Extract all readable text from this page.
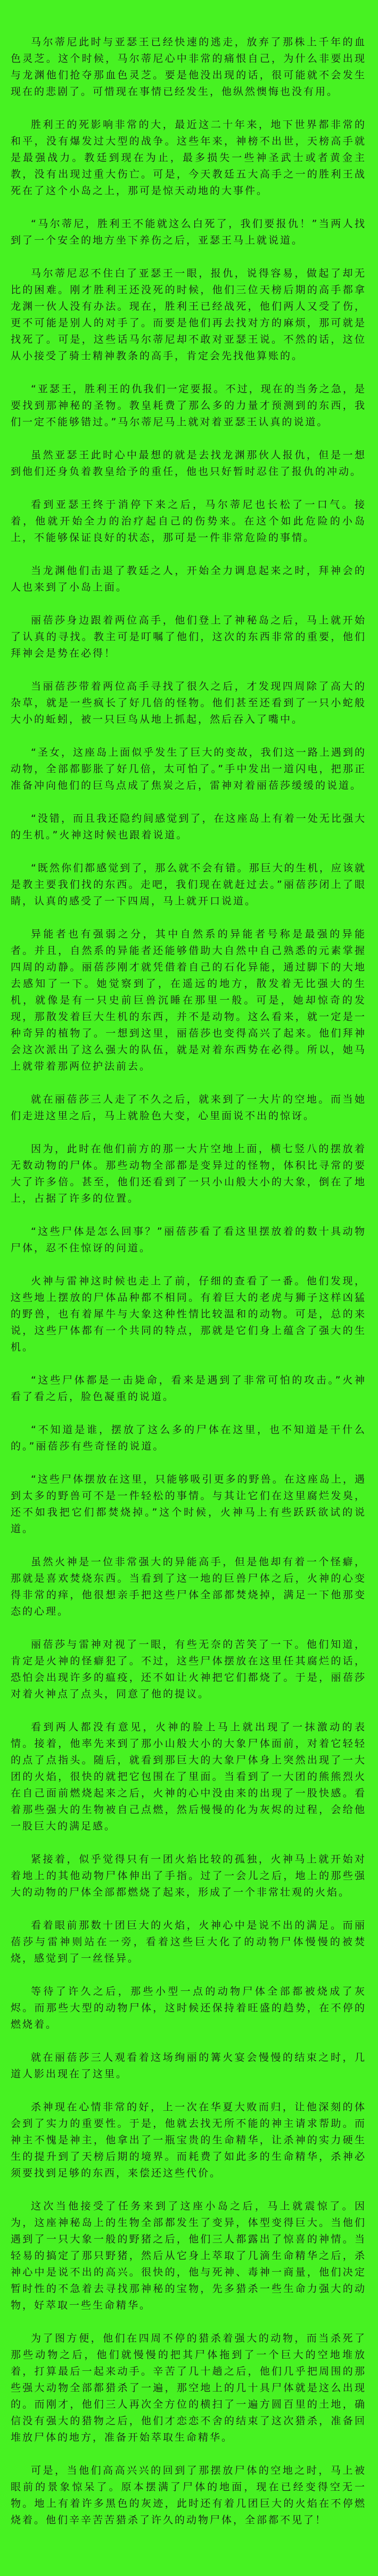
马尔蒂尼此时与亚瑟王已经快速的逃走，放弃了那株上千年的血色灵芝。这个时候，马尔蒂尼心中非常的痛恨自己，为什么非要出现与龙渊他们抢夺那血色灵芝。要是他没出现的话，很可能就不会发生现在的悲剧了。可惜现在事情已经发生，他纵然懊悔也没有用。

胜利王的死影响非常的大，最近这二十年来，地下世界都非常的和平，没有爆发过大型的战争。这些年来，神榜不出世，天榜高手就是最强战力。教廷到现在为止，最多损失一些神圣武士或者黄金主教，没有出现过重大伤亡。可是，今天教廷五大高手之一的胜利王战死在了这个小岛之上，那可是惊天动地的大事件。

“马尔蒂尼，胜利王不能就这么白死了，我们要报仇！”当两人找到了一个安全的地方坐下养伤之后，亚瑟王马上就说道。

马尔蒂尼忍不住白了亚瑟王一眼，报仇，说得容易，做起了却无比的困难。刚才胜利王还没死的时候，他们三位天榜后期的高手都拿龙渊一伙人没有办法。现在，胜利王已经战死，他们两人又受了伤，更不可能是别人的对手了。而要是他们再去找对方的麻烦，那可就是找死了。可是，这些话马尔蒂尼却不敢对亚瑟王说。不然的话，这位从小接受了骑士精神教条的高手，肯定会先找他算账的。

“亚瑟王，胜利王的仇我们一定要报。不过，现在的当务之急，是要找到那神秘的圣物。教皇耗费了那么多的力量才预测到的东西，我们一定不能够错过。”马尔蒂尼马上就对着亚瑟王认真的说道。

虽然亚瑟王此时心中最想的就是去找龙渊那伙人报仇，但是一想到他们还身负着教皇给予的重任，他也只好暂时忍住了报仇的冲动。

看到亚瑟王终于消停下来之后，马尔蒂尼也长松了一口气。接着，他就开始全力的治疗起自己的伤势来。在这个如此危险的小岛上，不能够保证良好的状态，那可是一件非常危险的事情。

当龙渊他们击退了教廷之人，开始全力调息起来之时，拜神会的人也来到了小岛上面。

丽蓓莎身边跟着两位高手，他们登上了神秘岛之后，马上就开始了认真的寻找。教主可是叮嘱了他们，这次的东西非常的重要，他们拜神会是势在必得！

当丽蓓莎带着两位高手寻找了很久之后，才发现四周除了高大的杂草，就是一些疯长了好几倍的怪物。他们甚至还看到了一只小蛇般大小的蚯蚓，被一只巨鸟从地上抓起，然后吞入了嘴中。

“圣女，这座岛上面似乎发生了巨大的变故，我们这一路上遇到的动物，全部都膨胀了好几倍，太可怕了。”手中发出一道闪电，把那正准备冲向他们的巨鸟点成了焦炭之后，雷神对着丽蓓莎缓缓的说道。

“没错，而且我还隐约间感觉到了，在这座岛上有着一处无比强大的生机。”火神这时候也跟着说道。

“既然你们都感觉到了，那么就不会有错。那巨大的生机，应该就是教主要我们找的东西。走吧，我们现在就赶过去。”丽蓓莎闭上了眼睛，认真的感受了一下四周，马上就开口说道。

异能者也有强弱之分，其中自然系的异能者号称是最强的异能者。并且，自然系的异能者还能够借助大自然中自己熟悉的元素掌握四周的动静。丽蓓莎刚才就凭借着自己的石化异能，通过脚下的大地去感知了一下。她觉察到了，在遥远的地方，散发着无比强大的生机，就像是有一只史前巨兽沉睡在那里一般。可是，她却惊奇的发现，那散发着巨大生机的东西，并不是动物。这么看来，就一定是一种奇异的植物了。一想到这里，丽蓓莎也变得高兴了起来。他们拜神会这次派出了这么强大的队伍，就是对着东西势在必得。所以，她马上就带着那两位护法前去。

就在丽蓓莎三人走了不久之后，就来到了一大片的空地。而当她们走进这里之后，马上就脸色大变，心里面说不出的惊讶。

因为，此时在他们前方的那一大片空地上面，横七竖八的摆放着无数动物的尸体。那些动物全部都是变异过的怪物，体积比寻常的要大了许多倍。甚至，他们还看到了一只小山般大小的大象，倒在了地上，占据了许多的位置。

“这些尸体是怎么回事？”丽蓓莎看了看这里摆放着的数十具动物尸体，忍不住惊讶的问道。

火神与雷神这时候也走上了前，仔细的查看了一番。他们发现，这些地上摆放的尸体品种都不相同。有着巨大的老虎与狮子这样凶猛的野兽，也有着犀牛与大象这种性情比较温和的动物。可是，总的来说，这些尸体都有一个共同的特点，那就是它们身上蕴含了强大的生机。

“这些尸体都是一击毙命，看来是遇到了非常可怕的攻击。”火神看了看之后，脸色凝重的说道。

“不知道是谁，摆放了这么多的尸体在这里，也不知道是干什么的。”丽蓓莎有些奇怪的说道。

“这些尸体摆放在这里，只能够吸引更多的野兽。在这座岛上，遇到太多的野兽可不是一件轻松的事情。与其让它们在这里腐烂发臭，还不如我把它们都焚烧掉。”这个时候，火神马上有些跃跃欲试的说道。

虽然火神是一位非常强大的异能高手，但是他却有着一个怪癖，那就是喜欢焚烧东西。当看到了这一地的巨兽尸体之后，火神的心变得非常的痒，他很想亲手把这些尸体全部都焚烧掉，满足一下他那变态的心理。

丽蓓莎与雷神对视了一眼，有些无奈的苦笑了一下。他们知道，肯定是火神的怪癖犯了。不过，这些尸体摆放在这里任其腐烂的话，恐怕会出现许多的瘟疫，还不如让火神把它们都烧了。于是，丽蓓莎对着火神点了点头，同意了他的提议。

看到两人都没有意见，火神的脸上马上就出现了一抹激动的表情。接着，他率先来到了那小山般大小的大象尸体面前，对着它轻轻的点了点指头。随后，就看到那巨大的大象尸体身上突然出现了一大团的火焰，很快的就把它包围在了里面。当看到了一大团的熊熊烈火在自己面前燃烧起来之后，火神的心中没由来的出现了一股快感。看着那些强大的生物被自己点燃，然后慢慢的化为灰烬的过程，会给他一股巨大的满足感。

紧接着，似乎觉得只有一团火焰比较的孤独，火神马上就开始对着地上的其他动物尸体伸出了手指。过了一会儿之后，地上的那些强大的动物的尸体全部都燃烧了起来，形成了一个非常壮观的火焰。

看着眼前那数十团巨大的火焰，火神心中是说不出的满足。而丽蓓莎与雷神则站在一旁，看着这些巨大化了的动物尸体慢慢的被焚烧，感觉到了一丝怪异。

等待了许久之后，那些小型一点的动物尸体全部都被烧成了灰烬。而那些大型的动物尸体，这时候还保持着旺盛的趋势，在不停的燃烧着。

就在丽蓓莎三人观看着这场绚丽的篝火宴会慢慢的结束之时，几道人影出现在了这里。

杀神现在心情非常的好，上一次在华夏大败而归，让他深刻的体会到了实力的重要性。于是，他就去找无所不能的神主请求帮助。而神主不愧是神主，他拿出了一瓶宝贵的生命精华，让杀神的实力硬生生的提升到了天榜后期的境界。而耗费了如此多的生命精华，杀神必须要找到足够的东西，来偿还这些代价。

这次当他接受了任务来到了这座小岛之后，马上就震惊了。因为，这座神秘岛上的生物全部都发生了变异，体型变得巨大。当他们遇到了一只大象一般的野猪之后，他们三人都露出了惊喜的神情。当轻易的搞定了那只野猪，然后从它身上萃取了几滴生命精华之后，杀神心中是说不出的高兴。很快的，他与死神、毒神一商量，他们决定暂时性的不急着去寻找那神秘的宝物，先多猎杀一些生命力强大的动物，好萃取一些生命精华。

为了图方便，他们在四周不停的猎杀着强大的动物，而当杀死了那些动物之后，他们就慢慢的把其尸体拖到了一个巨大的空地堆放着，打算最后一起来动手。辛苦了几十趟之后，他们几乎把周围的那些强大动物全部都猎杀了一遍，那空地上的几十具尸体就是这么出现的。而刚才，他们三人再次全方位的横扫了一遍方圆百里的土地，确信没有强大的猎物之后，他们才恋恋不舍的结束了这次猎杀，准备回堆放尸体的地方，准备开始萃取生命精华。

可是，当他们高高兴兴的回到了那摆放尸体的空地之时，马上被眼前的景象惊呆了。原本摆满了尸体的地面，现在已经变得空无一物。地上有着许多黑色的灰迹，此时还有着几团巨大的火焰在不停燃烧着。他们辛辛苦苦猎杀了许久的动物尸体，全部都不见了！
